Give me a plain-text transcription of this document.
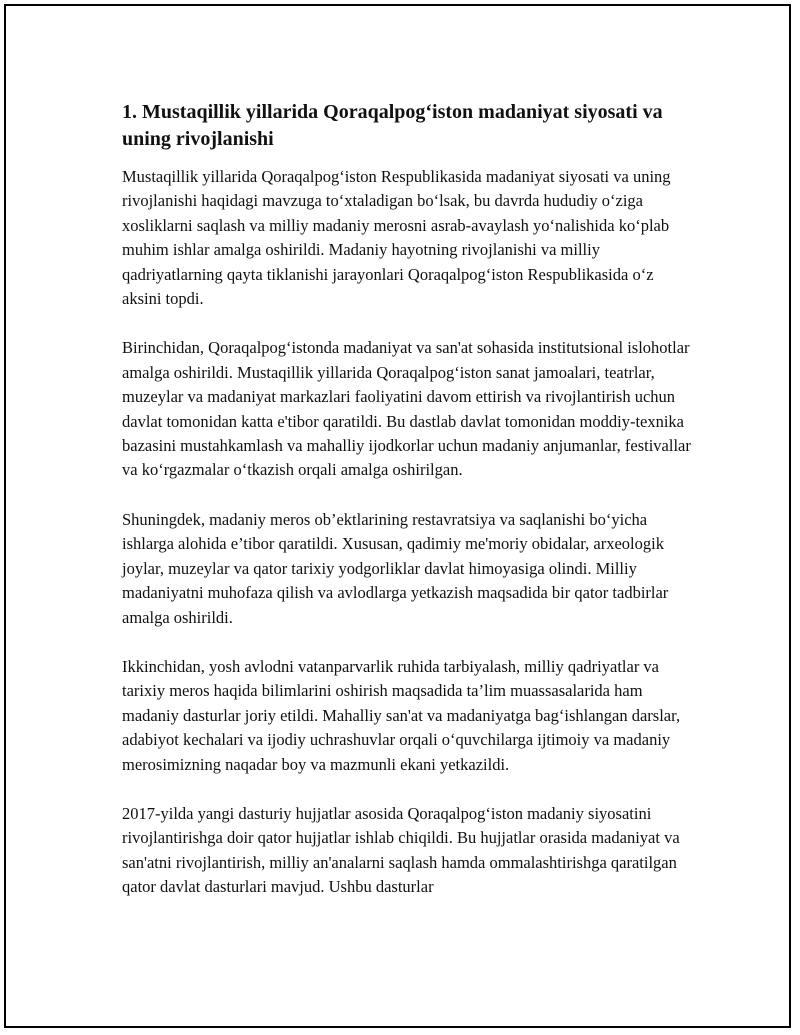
1. Mustaqillik yillarida Qoraqalpog‘iston madaniyat siyosati va uning rivojlanishi

Mustaqillik yillarida Qoraqalpog‘iston Respublikasida madaniyat siyosati va uning rivojlanishi haqidagi mavzuga to‘xtaladigan bo‘lsak, bu davrda hududiy o‘ziga xosliklarni saqlash va milliy madaniy merosni asrab-avaylash yo‘nalishida ko‘plab muhim ishlar amalga oshirildi. Madaniy hayotning rivojlanishi va milliy qadriyatlarning qayta tiklanishi jarayonlari Qoraqalpog‘iston Respublikasida o‘z aksini topdi.

Birinchidan, Qoraqalpog‘istonda madaniyat va san'at sohasida institutsional islohotlar amalga oshirildi. Mustaqillik yillarida Qoraqalpog‘iston sanat jamoalari, teatrlar, muzeylar va madaniyat markazlari faoliyatini davom ettirish va rivojlantirish uchun davlat tomonidan katta e'tibor qaratildi. Bu dastlab davlat tomonidan moddiy-texnika bazasini mustahkamlash va mahalliy ijodkorlar uchun madaniy anjumanlar, festivallar va ko‘rgazmalar o‘tkazish orqali amalga oshirilgan.

Shuningdek, madaniy meros ob’ektlarining restavratsiya va saqlanishi bo‘yicha ishlarga alohida e’tibor qaratildi. Xususan, qadimiy me'moriy obidalar, arxeologik joylar, muzeylar va qator tarixiy yodgorliklar davlat himoyasiga olindi. Milliy madaniyatni muhofaza qilish va avlodlarga yetkazish maqsadida bir qator tadbirlar amalga oshirildi.

Ikkinchidan, yosh avlodni vatanparvarlik ruhida tarbiyalash, milliy qadriyatlar va tarixiy meros haqida bilimlarini oshirish maqsadida ta’lim muassasalarida ham madaniy dasturlar joriy etildi. Mahalliy san'at va madaniyatga bag‘ishlangan darslar, adabiyot kechalari va ijodiy uchrashuvlar orqali o‘quvchilarga ijtimoiy va madaniy merosimizning naqadar boy va mazmunli ekani yetkazildi.

2017-yilda yangi dasturiy hujjatlar asosida Qoraqalpog‘iston madaniy siyosatini rivojlantirishga doir qator hujjatlar ishlab chiqildi. Bu hujjatlar orasida madaniyat va san'atni rivojlantirish, milliy an'analarni saqlash hamda ommalashtirishga qaratilgan qator davlat dasturlari mavjud. Ushbu dasturlar
